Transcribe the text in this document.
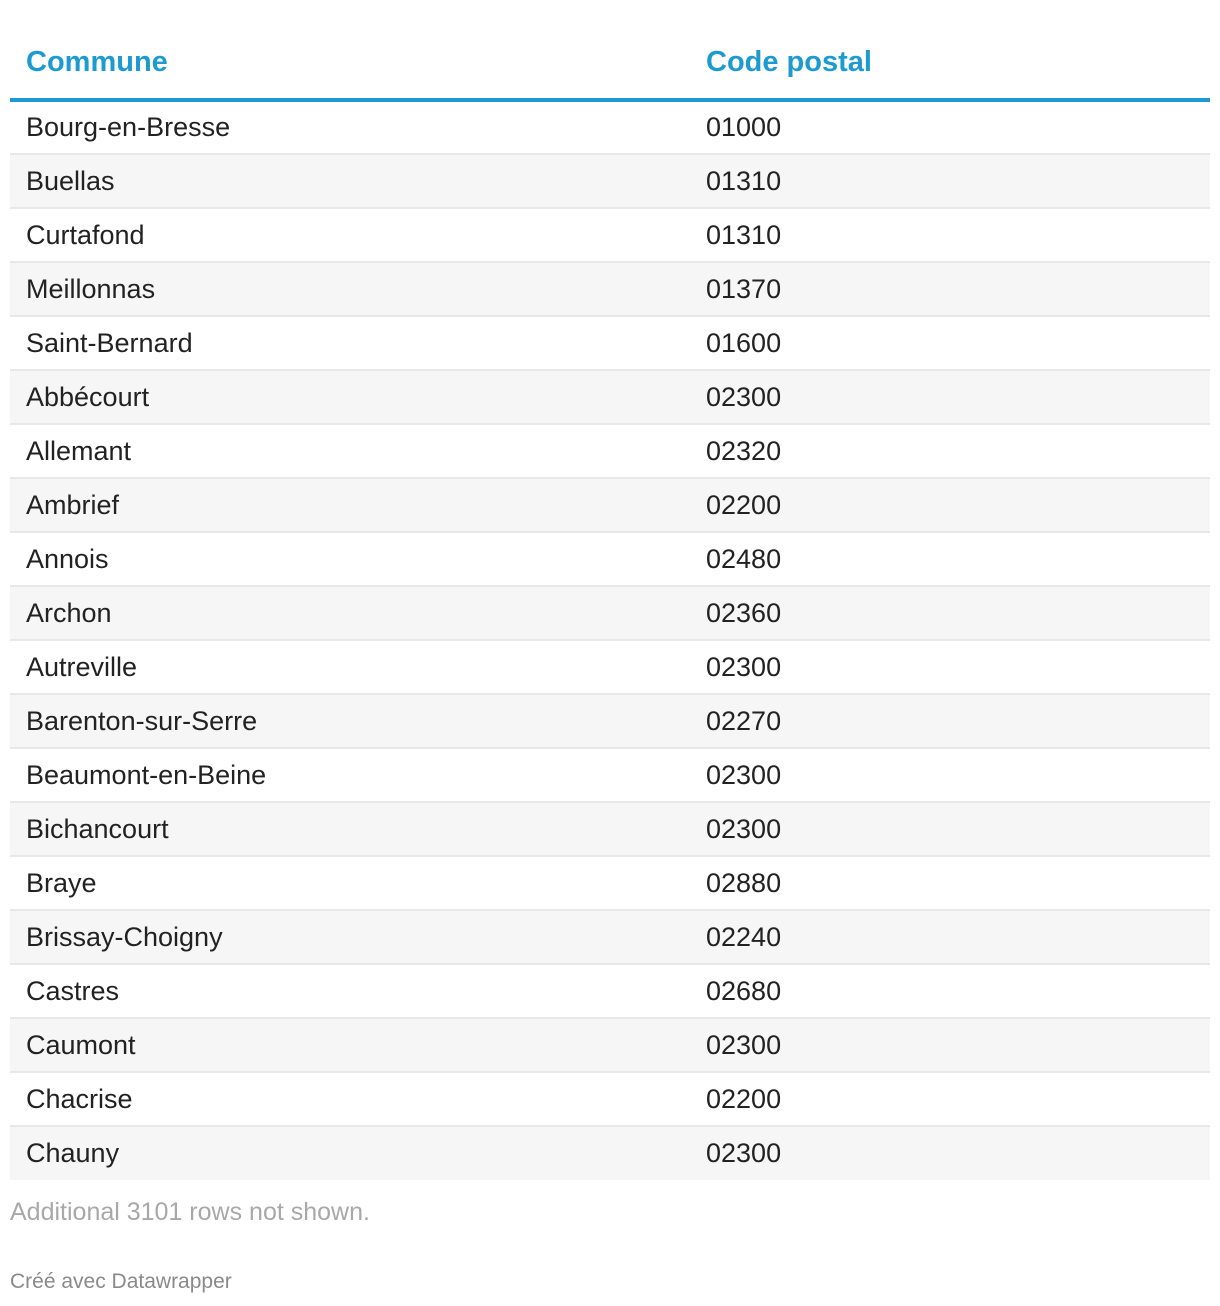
Commune	Code postal
Bourg-en-Bresse	01000
Buellas	01310
Curtafond	01310
Meillonnas	01370
Saint-Bernard	01600
Abbécourt	02300
Allemant	02320
Ambrief	02200
Annois	02480
Archon	02360
Autreville	02300
Barenton-sur-Serre	02270
Beaumont-en-Beine	02300
Bichancourt	02300
Braye	02880
Brissay-Choigny	02240
Castres	02680
Caumont	02300
Chacrise	02200
Chauny	02300
Additional 3101 rows not shown.
Créé avec Datawrapper
